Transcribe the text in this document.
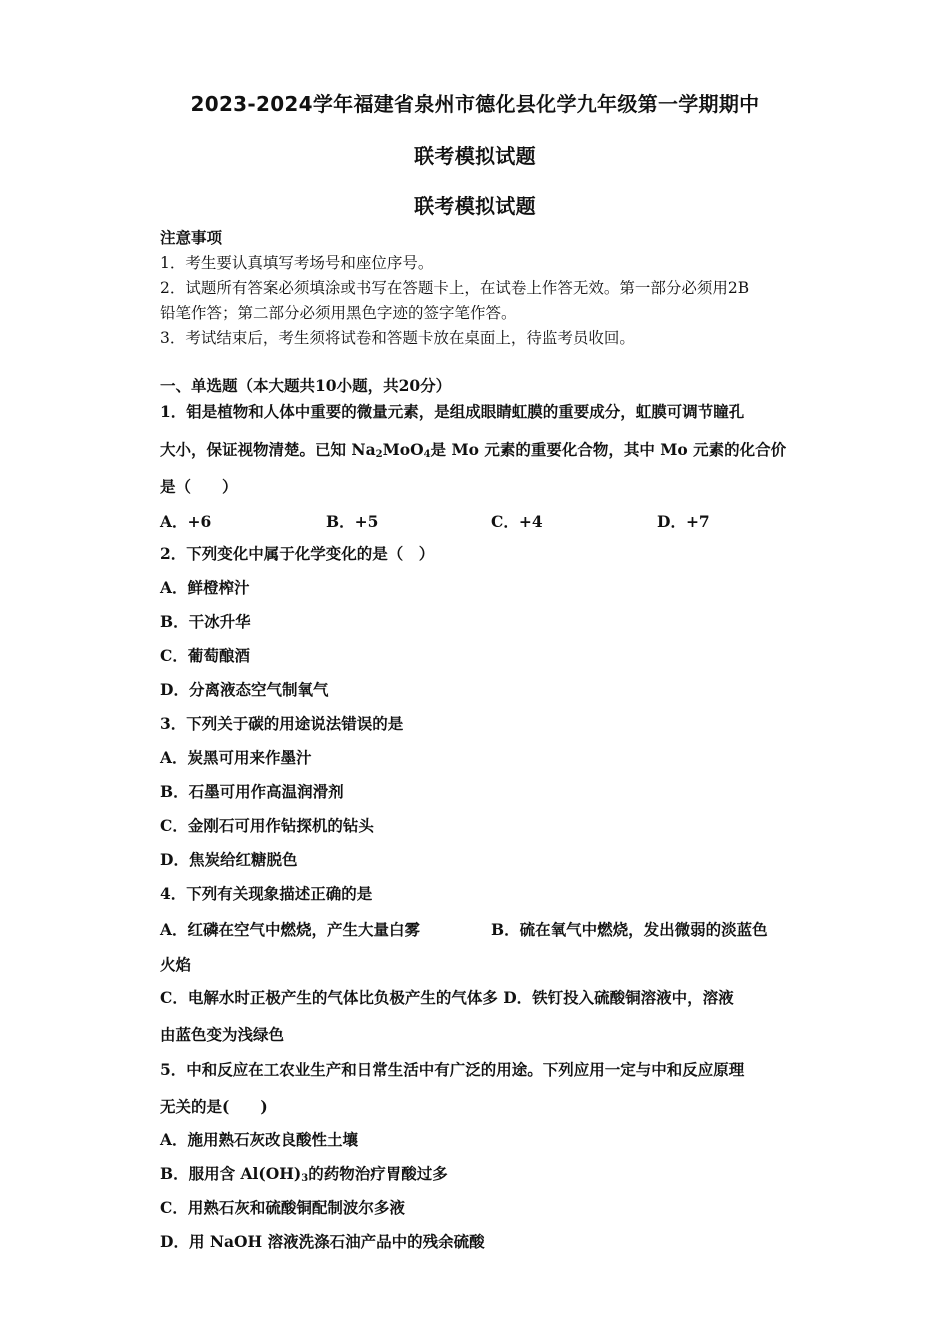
2023-2024学年福建省泉州市德化县化学九年级第一学期期中
联考模拟试题
联考模拟试题
注意事项
1．考生要认真填写考场号和座位序号。
2．试题所有答案必须填涂或书写在答题卡上，在试卷上作答无效。第一部分必须用2B
铅笔作答；第二部分必须用黑色字迹的签字笔作答。
3．考试结束后，考生须将试卷和答题卡放在桌面上，待监考员收回。
一、单选题（本大题共10小题，共20分）
1．钼是植物和人体中重要的微量元素，是组成眼睛虹膜的重要成分，虹膜可调节瞳孔
大小，保证视物清楚。已知 $Na_2MoO_4$是 Mo 元素的重要化合物，其中 Mo 元素的化合价
是（　　）
A．+6	B．+5	C．+4	D．+7
2．下列变化中属于化学变化的是（　）
A．鲜橙榨汁
B．干冰升华
C．葡萄酿酒
D．分离液态空气制氧气
3．下列关于碳的用途说法错误的是
A．炭黑可用来作墨汁
B．石墨可用作高温润滑剂
C．金刚石可用作钻探机的钻头
D．焦炭给红糖脱色
4．下列有关现象描述正确的是
A．红磷在空气中燃烧，产生大量白雾	B．硫在氧气中燃烧，发出微弱的淡蓝色
火焰
C．电解水时正极产生的气体比负极产生的气体多 D．铁钉投入硫酸铜溶液中，溶液
由蓝色变为浅绿色
5．中和反应在工农业生产和日常生活中有广泛的用途。下列应用一定与中和反应原理
无关的是(　　)
A．施用熟石灰改良酸性土壤
B．服用含 $Al(OH)_3$的药物治疗胃酸过多
C．用熟石灰和硫酸铜配制波尔多液
D．用 NaOH 溶液洗涤石油产品中的残余硫酸
